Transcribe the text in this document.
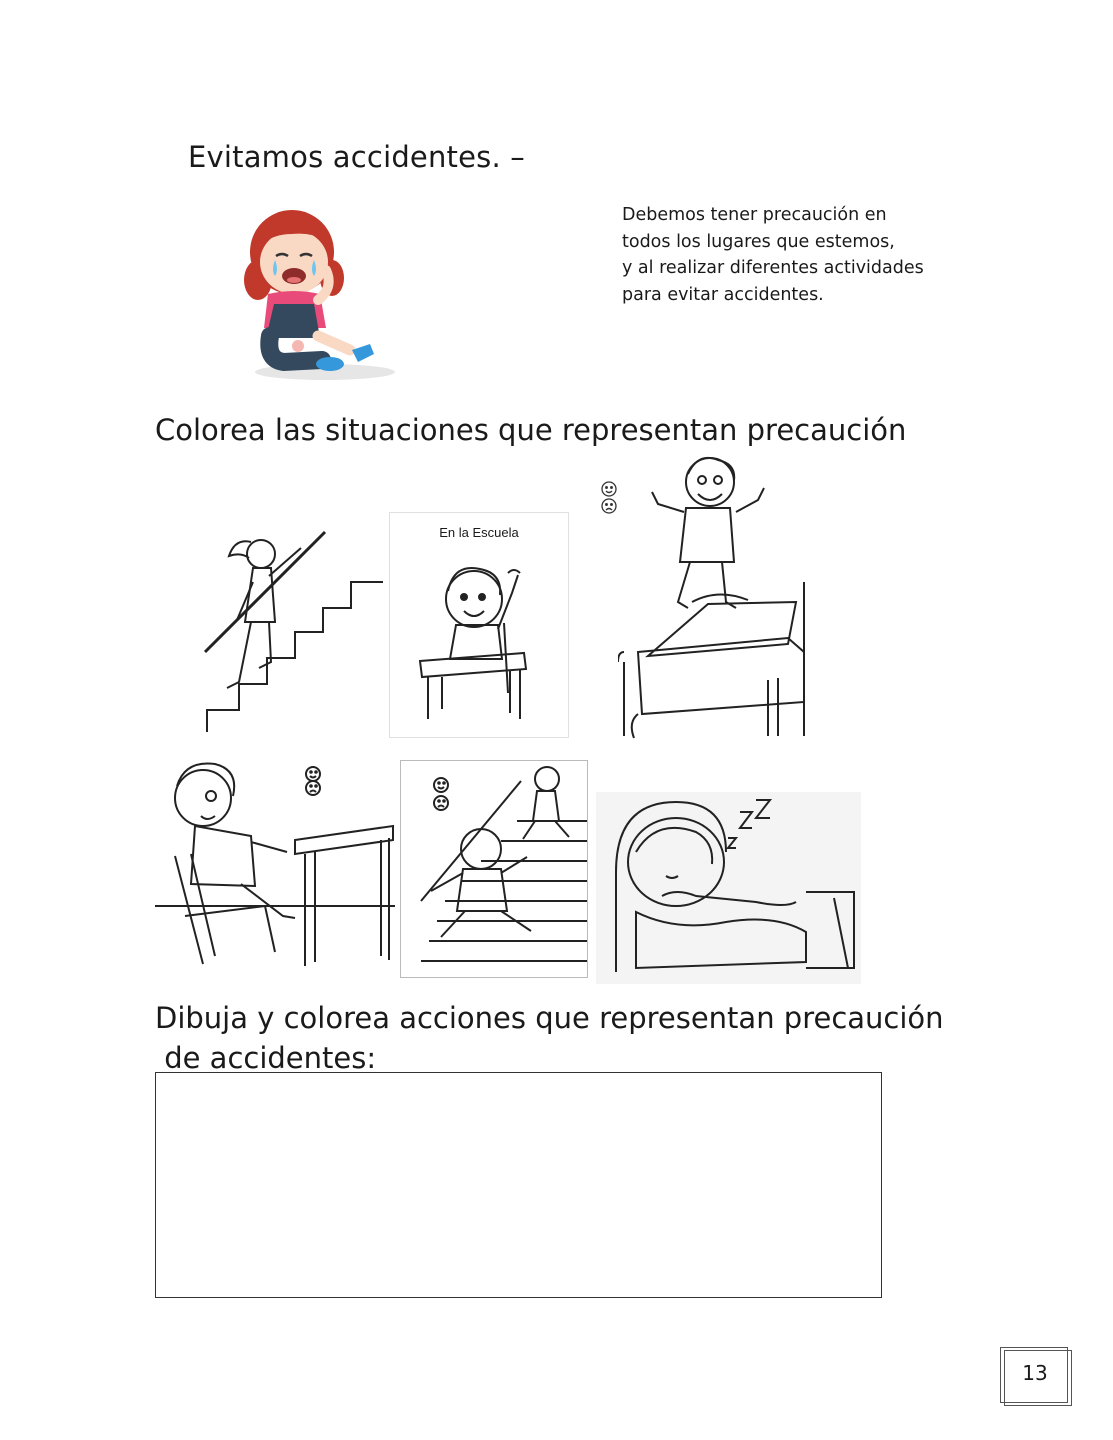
Evitamos accidentes. –
Debemos tener precaución en
todos los lugares que estemos,
y al realizar diferentes actividades
para evitar accidentes.
Colorea las situaciones que representan precaución
En la Escuela
Dibuja y colorea acciones que representan precaución
de accidentes:
13
